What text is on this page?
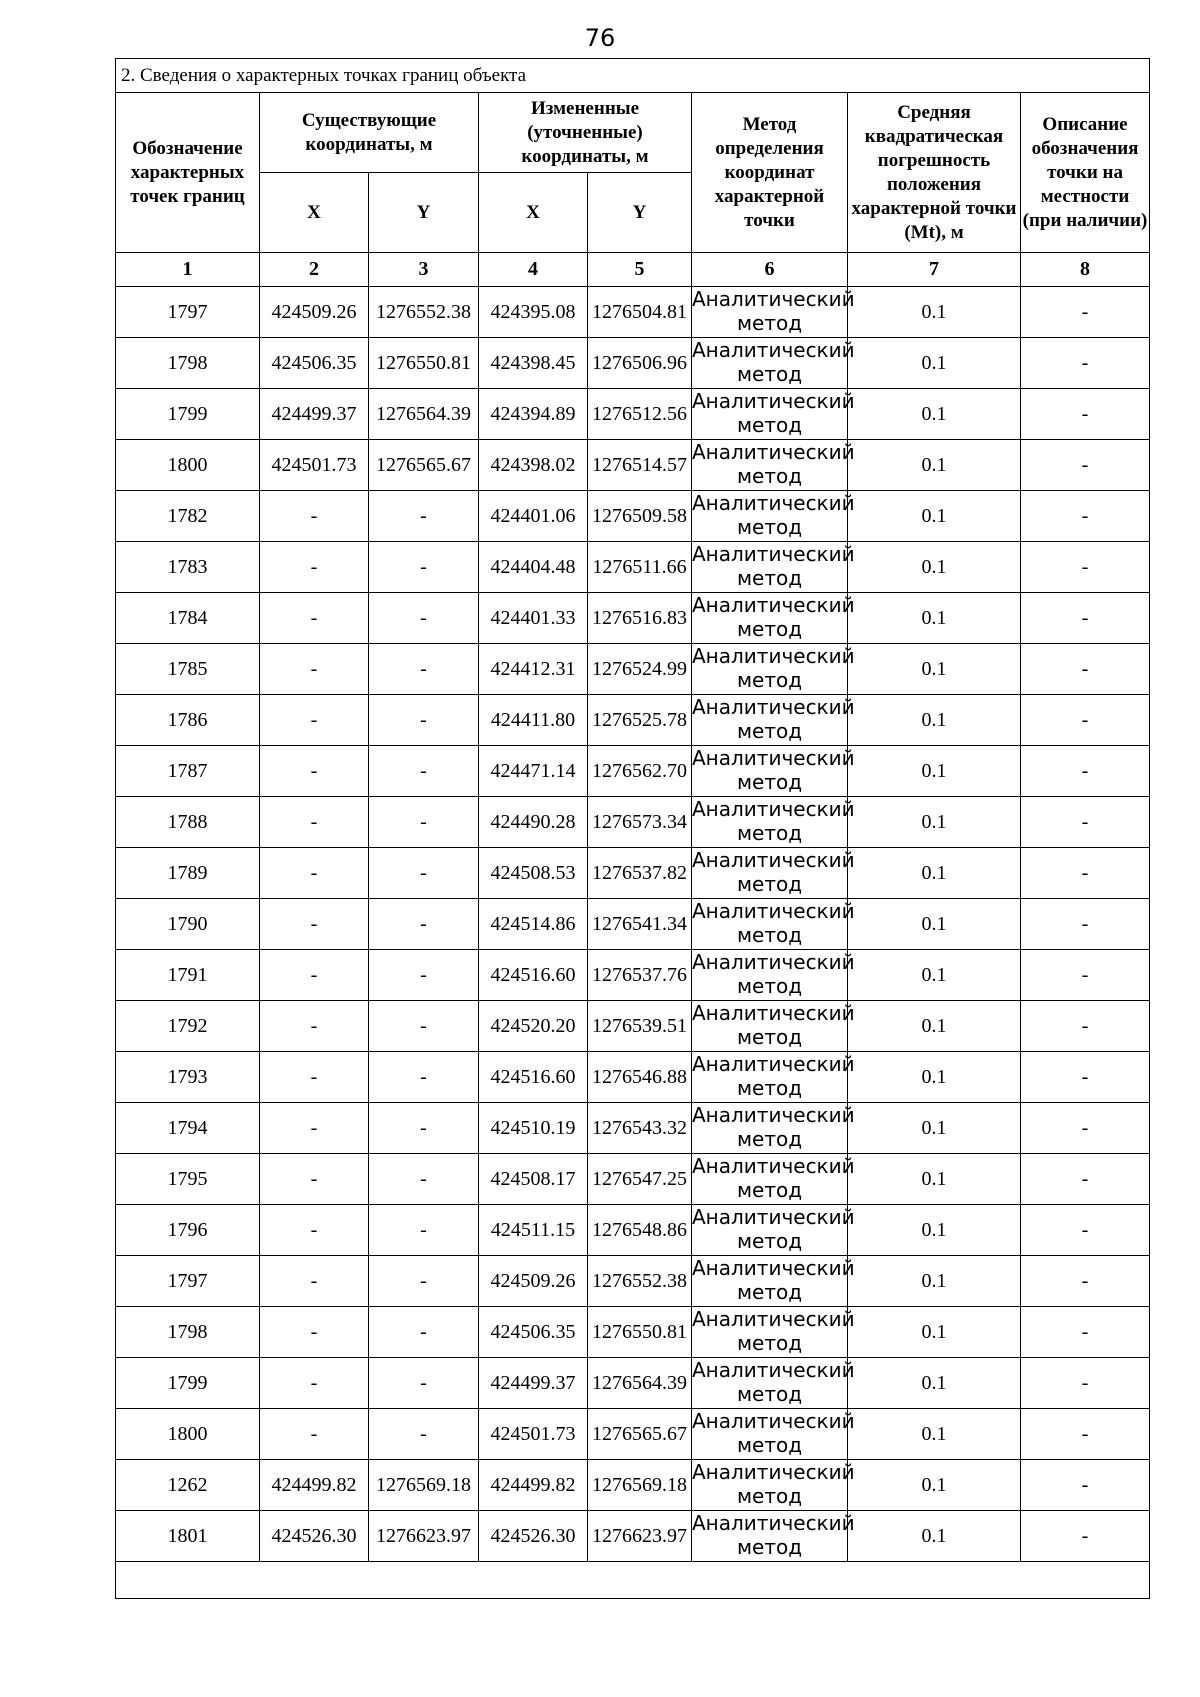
76
2. Сведения о характерных точках границ объекта							
Обозначение характерных точек границ	Существующие координаты, м		Измененные (уточненные) координаты, м		Метод определения координат характерной точки	Средняя квадратическая погрешность положения характерной точки (Mt), м	Описание обозначения точки на местности (при наличии)
	X	Y	X	Y			
1	2	3	4	5	6	7	8
1797	424509.26	1276552.38	424395.08	1276504.81	Аналитический метод	0.1	-
1798	424506.35	1276550.81	424398.45	1276506.96	Аналитический метод	0.1	-
1799	424499.37	1276564.39	424394.89	1276512.56	Аналитический метод	0.1	-
1800	424501.73	1276565.67	424398.02	1276514.57	Аналитический метод	0.1	-
1782	-	-	424401.06	1276509.58	Аналитический метод	0.1	-
1783	-	-	424404.48	1276511.66	Аналитический метод	0.1	-
1784	-	-	424401.33	1276516.83	Аналитический метод	0.1	-
1785	-	-	424412.31	1276524.99	Аналитический метод	0.1	-
1786	-	-	424411.80	1276525.78	Аналитический метод	0.1	-
1787	-	-	424471.14	1276562.70	Аналитический метод	0.1	-
1788	-	-	424490.28	1276573.34	Аналитический метод	0.1	-
1789	-	-	424508.53	1276537.82	Аналитический метод	0.1	-
1790	-	-	424514.86	1276541.34	Аналитический метод	0.1	-
1791	-	-	424516.60	1276537.76	Аналитический метод	0.1	-
1792	-	-	424520.20	1276539.51	Аналитический метод	0.1	-
1793	-	-	424516.60	1276546.88	Аналитический метод	0.1	-
1794	-	-	424510.19	1276543.32	Аналитический метод	0.1	-
1795	-	-	424508.17	1276547.25	Аналитический метод	0.1	-
1796	-	-	424511.15	1276548.86	Аналитический метод	0.1	-
1797	-	-	424509.26	1276552.38	Аналитический метод	0.1	-
1798	-	-	424506.35	1276550.81	Аналитический метод	0.1	-
1799	-	-	424499.37	1276564.39	Аналитический метод	0.1	-
1800	-	-	424501.73	1276565.67	Аналитический метод	0.1	-
1262	424499.82	1276569.18	424499.82	1276569.18	Аналитический метод	0.1	-
1801	424526.30	1276623.97	424526.30	1276623.97	Аналитический метод	0.1	-
